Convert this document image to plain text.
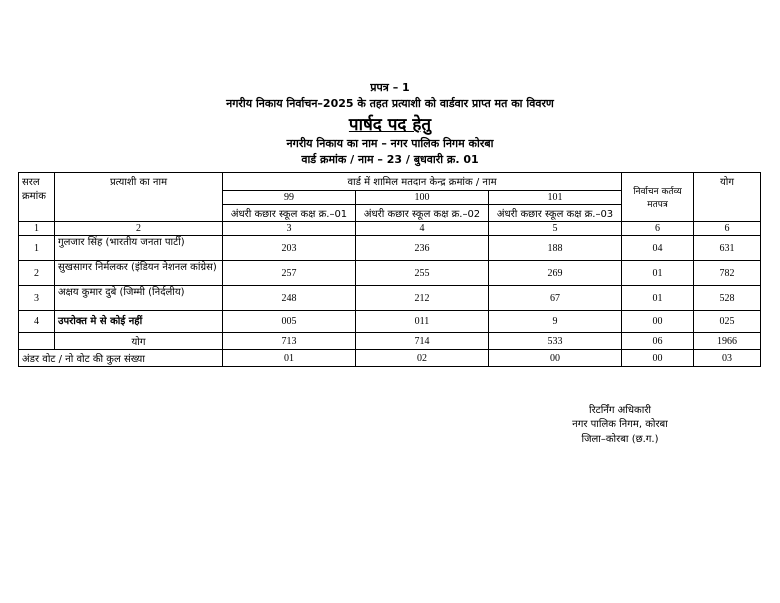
प्रपत्र – 1
नगरीय निकाय निर्वाचन–2025 के तहत प्रत्याशी को वार्डवार प्राप्त मत का विवरण
पार्षद पद हेतु
नगरीय निकाय का नाम – नगर पालिक निगम कोरबा
वार्ड क्रमांक / नाम – 23 / बुधवारी क्र. 01
सरल क्रमांक	प्रत्याशी का नाम	वार्ड में शामिल मतदान केन्द्र क्रमांक / नाम			निर्वाचन कर्तव्य मतपत्र	योग
		99	100	101		
		अंधरी कछार स्कूल कक्ष क्र.–01	अंधरी कछार स्कूल कक्ष क्र.–02	अंधरी कछार स्कूल कक्ष क्र.–03		
1	2	3	4	5	6	6
1	गुलजार सिंह (भारतीय जनता पार्टी)	203	236	188	04	631
2	सुखसागर निर्मलकर (इंडियन नेशनल कांग्रेस)	257	255	269	01	782
3	अक्षय कुमार दुबे (जिम्मी (निर्दलीय)	248	212	67	01	528
4	उपरोक्त मे से कोई नहीं	005	011	9	00	025
	योग	713	714	533	06	1966
अंडर वोट / नो वोट की कुल संख्या		01	02	00	00	03
रिटर्निंग अधिकारी
नगर पालिक निगम, कोरबा
जिला–कोरबा (छ.ग.)
